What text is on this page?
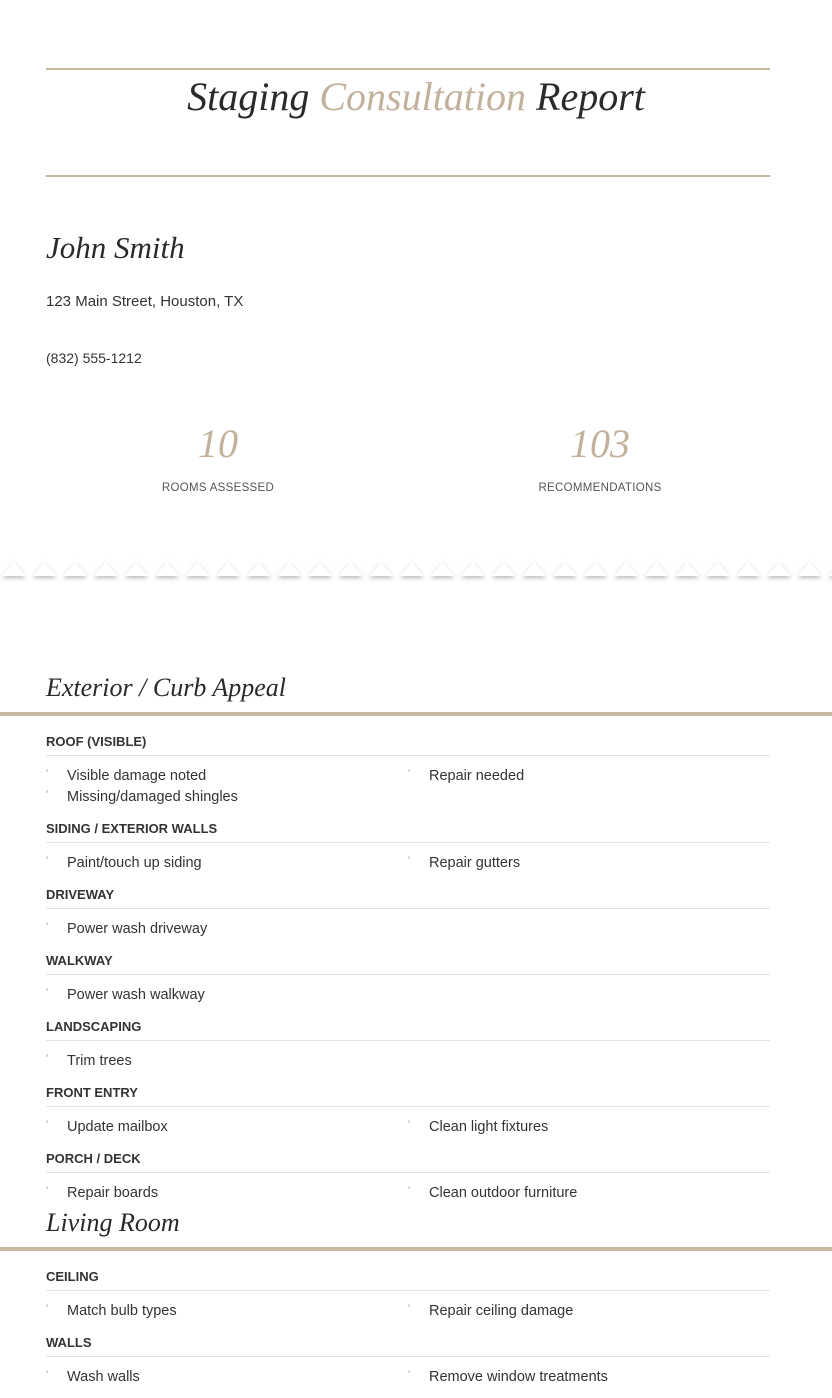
Staging Consultation Report
John Smith
123 Main Street, Houston, TX
(832) 555-1212
10
ROOMS ASSESSED
103
RECOMMENDATIONS
Exterior / Curb Appeal
ROOF (VISIBLE)
' Visible damage noted	' Repair needed
' Missing/damaged shingles
SIDING / EXTERIOR WALLS
' Paint/touch up siding	' Repair gutters
DRIVEWAY
' Power wash driveway
WALKWAY
' Power wash walkway
LANDSCAPING
' Trim trees
FRONT ENTRY
' Update mailbox	' Clean light fixtures
PORCH / DECK
' Repair boards	' Clean outdoor furniture
Living Room
CEILING
' Match bulb types	' Repair ceiling damage
WALLS
' Wash walls	' Remove window treatments
